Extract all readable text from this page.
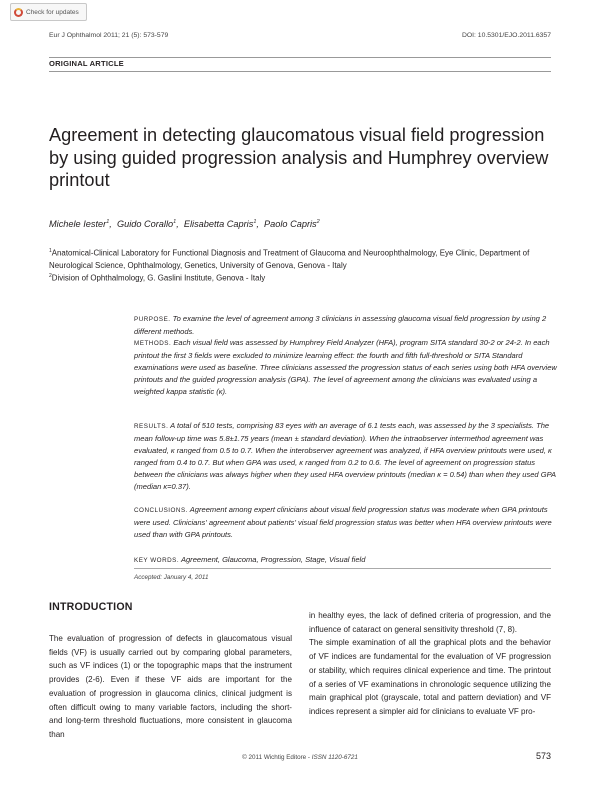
Check for updates
Eur J Ophthalmol 2011; 21 (5): 573-579	DOI: 10.5301/EJO.2011.6357
ORIGINAL ARTICLE
Agreement in detecting glaucomatous visual field progression by using guided progression analysis and Humphrey overview printout
Michele Iester$^1$,  Guido Corallo$^1$,  Elisabetta Capris$^1$,  Paolo Capris$^2$
$^1$Anatomical-Clinical Laboratory for Functional Diagnosis and Treatment of Glaucoma and Neuroophthalmology, Eye Clinic, Department of Neurological Science, Ophthalmology, Genetics, University of Genova, Genova - Italy
$^2$Division of Ophthalmology, G. Gaslini Institute, Genova - Italy

PURPOSE. To examine the level of agreement among 3 clinicians in assessing glaucoma visual field progression by using 2 different methods.

METHODS. Each visual field was assessed by Humphrey Field Analyzer (HFA), program SITA standard 30-2 or 24-2. In each printout the first 3 fields were excluded to minimize learning effect: the fourth and fifth full-threshold or SITA Standard examinations were used as baseline. Three clinicians assessed the progression status of each series using both HFA overview printouts and the guided progression analysis (GPA). The level of agreement among the clinicians was evaluated using a weighted kappa statistic (κ).

RESULTS. A total of 510 tests, comprising 83 eyes with an average of 6.1 tests each, was assessed by the 3 specialists. The mean follow-up time was 5.8±1.75 years (mean ± standard deviation). When the intraobserver intermethod agreement was evaluated, κ ranged from 0.5 to 0.7. When the interobserver agreement was analyzed, if HFA overview printouts were used, κ ranged from 0.4 to 0.7. But when GPA was used, κ ranged from 0.2 to 0.6. The level of agreement on progression status between the clinicians was always higher when they used HFA overview printouts (median κ = 0.54) than when they used GPA (median κ=0.37).

CONCLUSIONS. Agreement among expert clinicians about visual field progression status was moderate when GPA printouts were used. Clinicians' agreement about patients' visual field progression status was better when HFA overview printouts were used than with GPA printouts.

KEY WORDS. Agreement, Glaucoma, Progression, Stage, Visual field

Accepted: January 4, 2011
INTRODUCTION

The evaluation of progression of defects in glaucomatous visual fields (VF) is usually carried out by comparing global parameters, such as VF indices (1) or the topographic maps that the instrument provides (2-6). Even if these VF aids are important for the evaluation of progression in glaucoma clinics, clinical judgment is often difficult owing to many variable factors, including the short- and long-term threshold fluctuations, more consistent in glaucoma than

in healthy eyes, the lack of defined criteria of progression, and the influence of cataract on general sensitivity threshold (7, 8).

The simple examination of all the graphical plots and the behavior of VF indices are fundamental for the evaluation of VF progression or stability, which requires clinical experience and time. The printout of a series of VF examinations in chronologic sequence utilizing the main graphical plot (grayscale, total and pattern deviation) and VF indices represent a simpler aid for clinicians to evaluate VF pro-

© 2011 Wichtig Editore - ISSN 1120-6721	573
